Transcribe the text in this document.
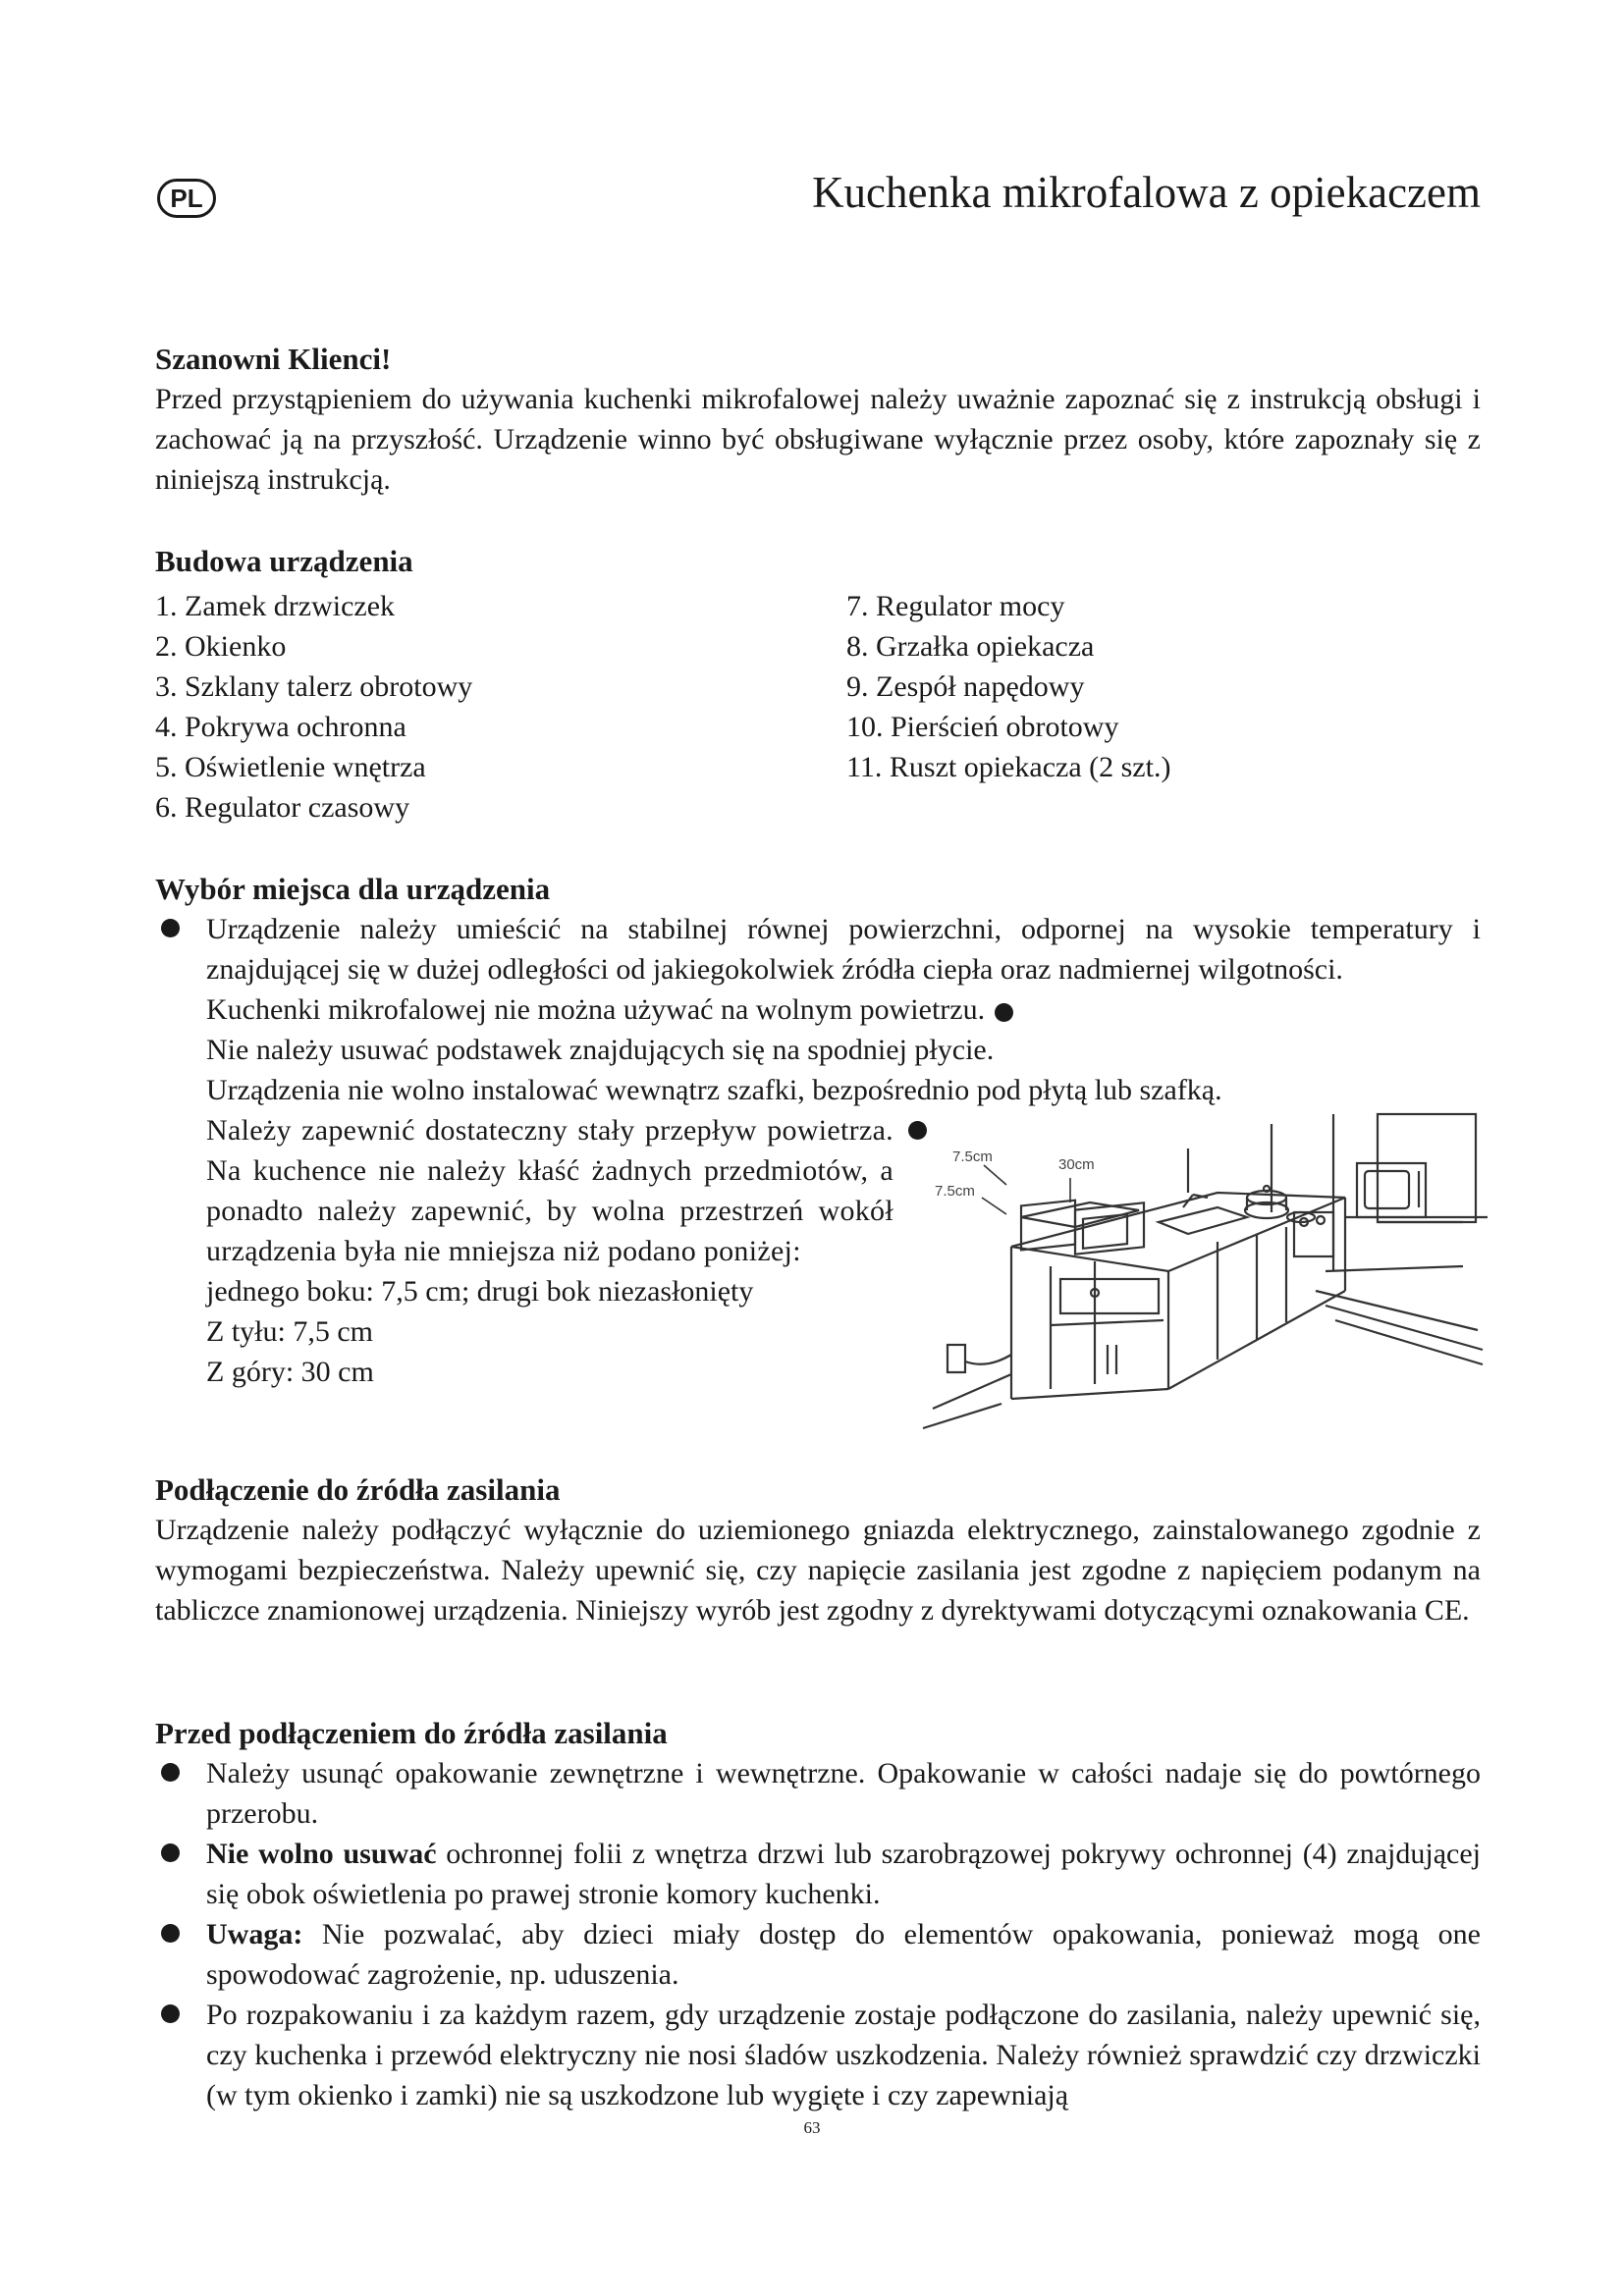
PL	Kuchenka mikrofalowa z opiekaczem
Szanowni Klienci!

Przed przystąpieniem do używania kuchenki mikrofalowej należy uważnie zapoznać się z instrukcją obsługi i zachować ją na przyszłość. Urządzenie winno być obsługiwane wyłącznie przez osoby, które zapoznały się z niniejszą instrukcją.

Budowa urządzenia
1. Zamek drzwiczek
2. Okienko
3. Szklany talerz obrotowy
4. Pokrywa ochronna
5. Oświetlenie wnętrza
6. Regulator czasowy
7. Regulator mocy
8. Grzałka opiekacza
9. Zespół napędowy
10. Pierścień obrotowy
11. Ruszt opiekacza (2 szt.)
Wybór miejsca dla urządzenia
Urządzenie należy umieścić na stabilnej równej powierzchni, odpornej na wysokie temperatury i znajdującej się w dużej odległości od jakiegokolwiek źródła ciepła oraz nadmiernej wilgotności.

Kuchenki mikrofalowej nie można używać na wolnym powietrzu.

Nie należy usuwać podstawek znajdujących się na spodniej płycie.

Urządzenia nie wolno instalować wewnątrz szafki, bezpośrednio pod płytą lub szafką.

Należy zapewnić dostateczny stały przepływ powietrza. Na kuchence nie należy kłaść żadnych przedmiotów, a ponadto należy zapewnić, by wolna przestrzeń wokół urządzenia była nie mniejsza niż podano poniżej:

jednego boku: 7,5 cm; drugi bok niezasłonięty

Z tyłu: 7,5 cm

Z góry: 30 cm

30cm
7.5cm
7.5cm
Podłączenie do źródła zasilania

Urządzenie należy podłączyć wyłącznie do uziemionego gniazda elektrycznego, zainstalowanego zgodnie z wymogami bezpieczeństwa. Należy upewnić się, czy napięcie zasilania jest zgodne z napięciem podanym na tabliczce znamionowej urządzenia. Niniejszy wyrób jest zgodny z dyrektywami dotyczącymi oznakowania CE.

Przed podłączeniem do źródła zasilania
Należy usunąć opakowanie zewnętrzne i wewnętrzne. Opakowanie w całości nadaje się do powtórnego przerobu.
Nie wolno usuwać ochronnej folii z wnętrza drzwi lub szarobrązowej pokrywy ochronnej (4) znajdującej się obok oświetlenia po prawej stronie komory kuchenki.
Uwaga: Nie pozwalać, aby dzieci miały dostęp do elementów opakowania, ponieważ mogą one spowodować zagrożenie, np. uduszenia.
Po rozpakowaniu i za każdym razem, gdy urządzenie zostaje podłączone do zasilania, należy upewnić się, czy kuchenka i przewód elektryczny nie nosi śladów uszkodzenia. Należy również sprawdzić czy drzwiczki (w tym okienko i zamki) nie są uszkodzone lub wygięte i czy zapewniają
63
